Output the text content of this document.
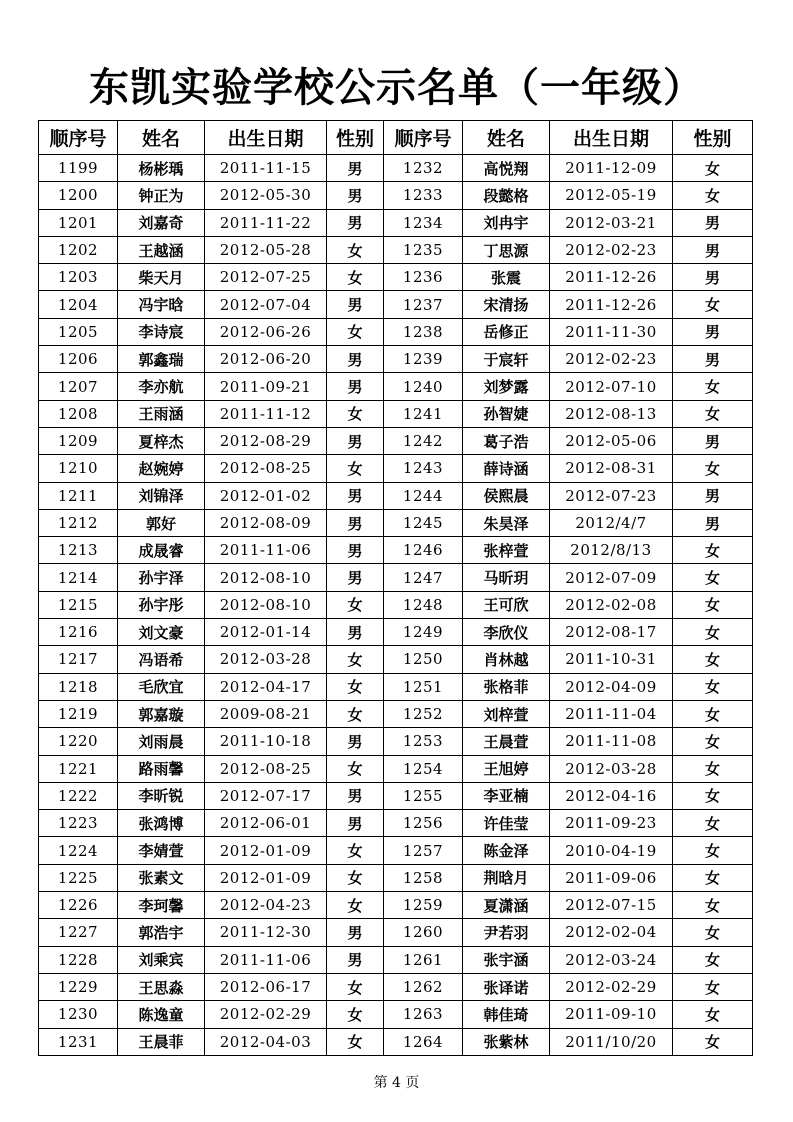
东凯实验学校公示名单（一年级）
顺序号	姓名	出生日期	性别	顺序号	姓名	出生日期	性别
1199	杨彬瑀	2011-11-15	男	1232	高悦翔	2011-12-09	女
1200	钟正为	2012-05-30	男	1233	段懿格	2012-05-19	女
1201	刘嘉奇	2011-11-22	男	1234	刘冉宇	2012-03-21	男
1202	王越涵	2012-05-28	女	1235	丁思源	2012-02-23	男
1203	柴天月	2012-07-25	女	1236	张震	2011-12-26	男
1204	冯宇晗	2012-07-04	男	1237	宋清扬	2011-12-26	女
1205	李诗宸	2012-06-26	女	1238	岳修正	2011-11-30	男
1206	郭鑫瑞	2012-06-20	男	1239	于宸轩	2012-02-23	男
1207	李亦航	2011-09-21	男	1240	刘梦露	2012-07-10	女
1208	王雨涵	2011-11-12	女	1241	孙智婕	2012-08-13	女
1209	夏梓杰	2012-08-29	男	1242	葛子浩	2012-05-06	男
1210	赵婉婷	2012-08-25	女	1243	薛诗涵	2012-08-31	女
1211	刘锦泽	2012-01-02	男	1244	侯熙晨	2012-07-23	男
1212	郭好	2012-08-09	男	1245	朱昊泽	2012/4/7	男
1213	成晟睿	2011-11-06	男	1246	张梓萱	2012/8/13	女
1214	孙宇泽	2012-08-10	男	1247	马昕玥	2012-07-09	女
1215	孙宇彤	2012-08-10	女	1248	王可欣	2012-02-08	女
1216	刘文豪	2012-01-14	男	1249	李欣仪	2012-08-17	女
1217	冯语希	2012-03-28	女	1250	肖林越	2011-10-31	女
1218	毛欣宜	2012-04-17	女	1251	张格菲	2012-04-09	女
1219	郭嘉璇	2009-08-21	女	1252	刘梓萱	2011-11-04	女
1220	刘雨晨	2011-10-18	男	1253	王晨萱	2011-11-08	女
1221	路雨馨	2012-08-25	女	1254	王旭婷	2012-03-28	女
1222	李昕锐	2012-07-17	男	1255	李亚楠	2012-04-16	女
1223	张鸿博	2012-06-01	男	1256	许佳莹	2011-09-23	女
1224	李婧萱	2012-01-09	女	1257	陈金泽	2010-04-19	女
1225	张素文	2012-01-09	女	1258	荆晗月	2011-09-06	女
1226	李珂馨	2012-04-23	女	1259	夏潇涵	2012-07-15	女
1227	郭浩宇	2011-12-30	男	1260	尹若羽	2012-02-04	女
1228	刘乘宾	2011-11-06	男	1261	张宇涵	2012-03-24	女
1229	王思淼	2012-06-17	女	1262	张译诺	2012-02-29	女
1230	陈逸童	2012-02-29	女	1263	韩佳琦	2011-09-10	女
1231	王晨菲	2012-04-03	女	1264	张紫林	2011/10/20	女
第 4 页
